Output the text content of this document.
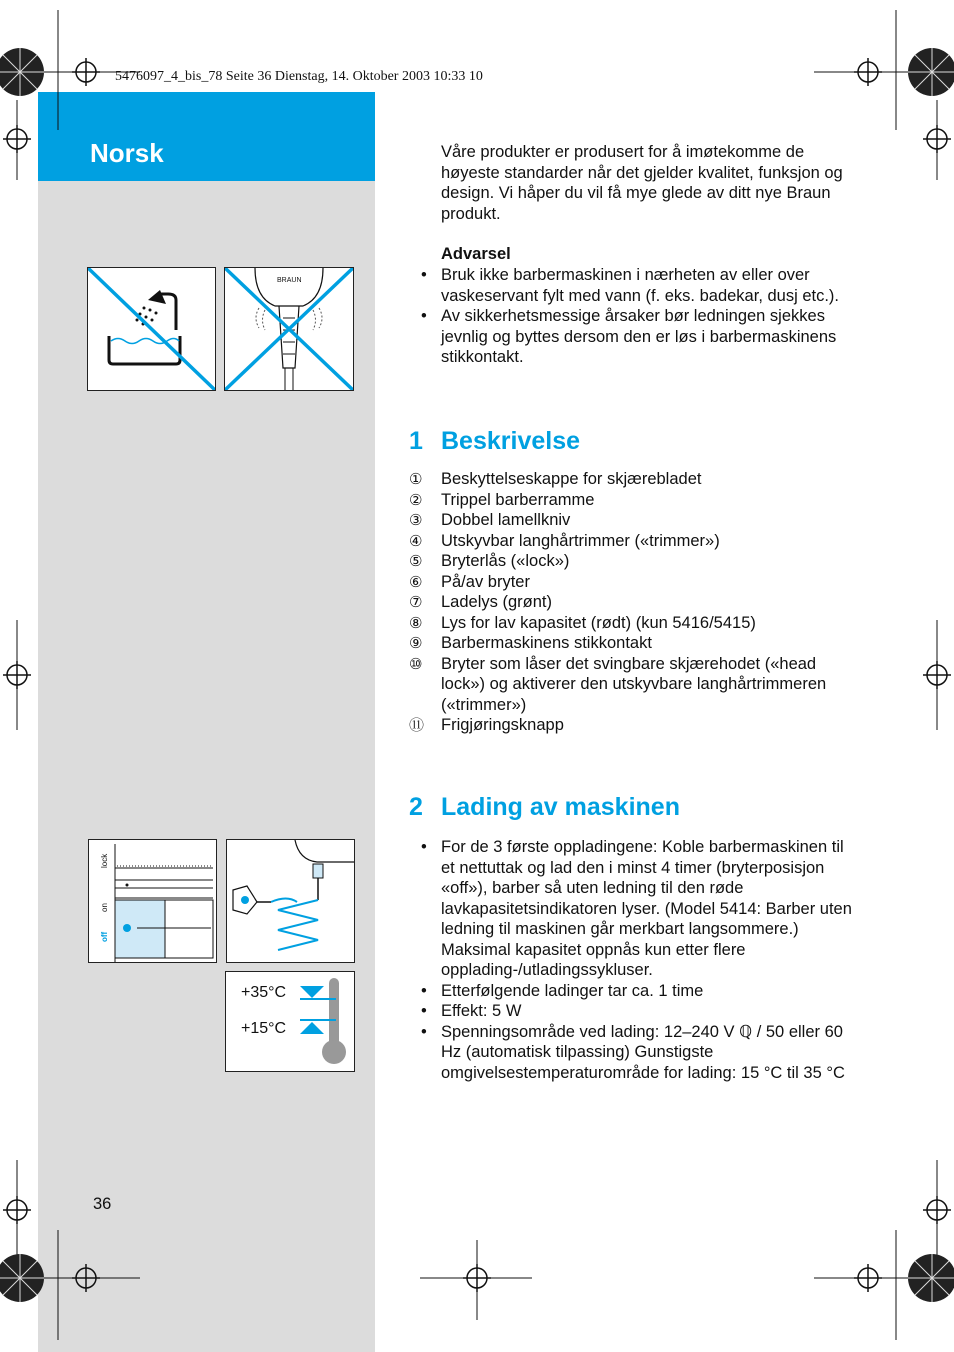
Norsk
5476097_4_bis_78 Seite 36 Dienstag, 14. Oktober 2003 10:33 10
BRAUN
lock
on
off
+35°C
+15°C

Våre produkter er produsert for å imøtekomme de høyeste standarder når det gjelder kvalitet, funksjon og design. Vi håper du vil få mye glede av ditt nye Braun produkt.

Advarsel
• Bruk ikke barbermaskinen i nærheten av eller over vaskeservant fylt med vann (f. eks. badekar, dusj etc.).
• Av sikkerhetsmessige årsaker bør ledningen sjekkes jevnlig og byttes dersom den er løs i barbermaskinens stikkontakt.
1 Beskrivelse
①	Beskyttelseskappe for skjærebladet
②	Trippel barberramme
③	Dobbel lamellkniv
④	Utskyvbar langhårtrimmer («trimmer»)
⑤	Bryterlås («lock»)
⑥	På/av bryter
⑦	Ladelys (grønt)
⑧	Lys for lav kapasitet (rødt) (kun 5416/5415)
⑨	Barbermaskinens stikkontakt
⑩	Bryter som låser det svingbare skjærehodet («head lock») og aktiverer den utskyvbare langhårtrimmeren («trimmer»)
⑪	Frigjøringsknapp
2 Lading av maskinen
• For de 3 første oppladingene: Koble barbermaskinen til et nettuttak og lad den i minst 4 timer (bryterposisjon «off»), barber så uten ledning til den røde lavkapasitetsindikatoren lyser. (Model 5414: Barber uten ledning til maskinen går merkbart langsommere.) Maksimal kapasitet oppnås kun etter flere opplading-/utladingssykluser.
• Etterfølgende ladinger tar ca. 1 time
• Effekt: 5 W
• Spenningsområde ved lading: 12–240 V ℚ / 50 eller 60 Hz (automatisk tilpassing) Gunstigste omgivelsestemperaturområde for lading: 15 °C til 35 °C
36
